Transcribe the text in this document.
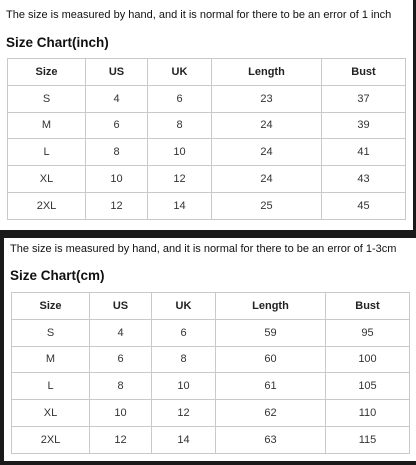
The size is measured by hand, and it is normal for there to be an error of 1 inch
Size Chart(inch)
Size	US	UK	Length	Bust
S	4	6	23	37
M	6	8	24	39
L	8	10	24	41
XL	10	12	24	43
2XL	12	14	25	45
The size is measured by hand, and it is normal for there to be an error of 1-3cm
Size Chart(cm)
Size	US	UK	Length	Bust
S	4	6	59	95
M	6	8	60	100
L	8	10	61	105
XL	10	12	62	110
2XL	12	14	63	115
